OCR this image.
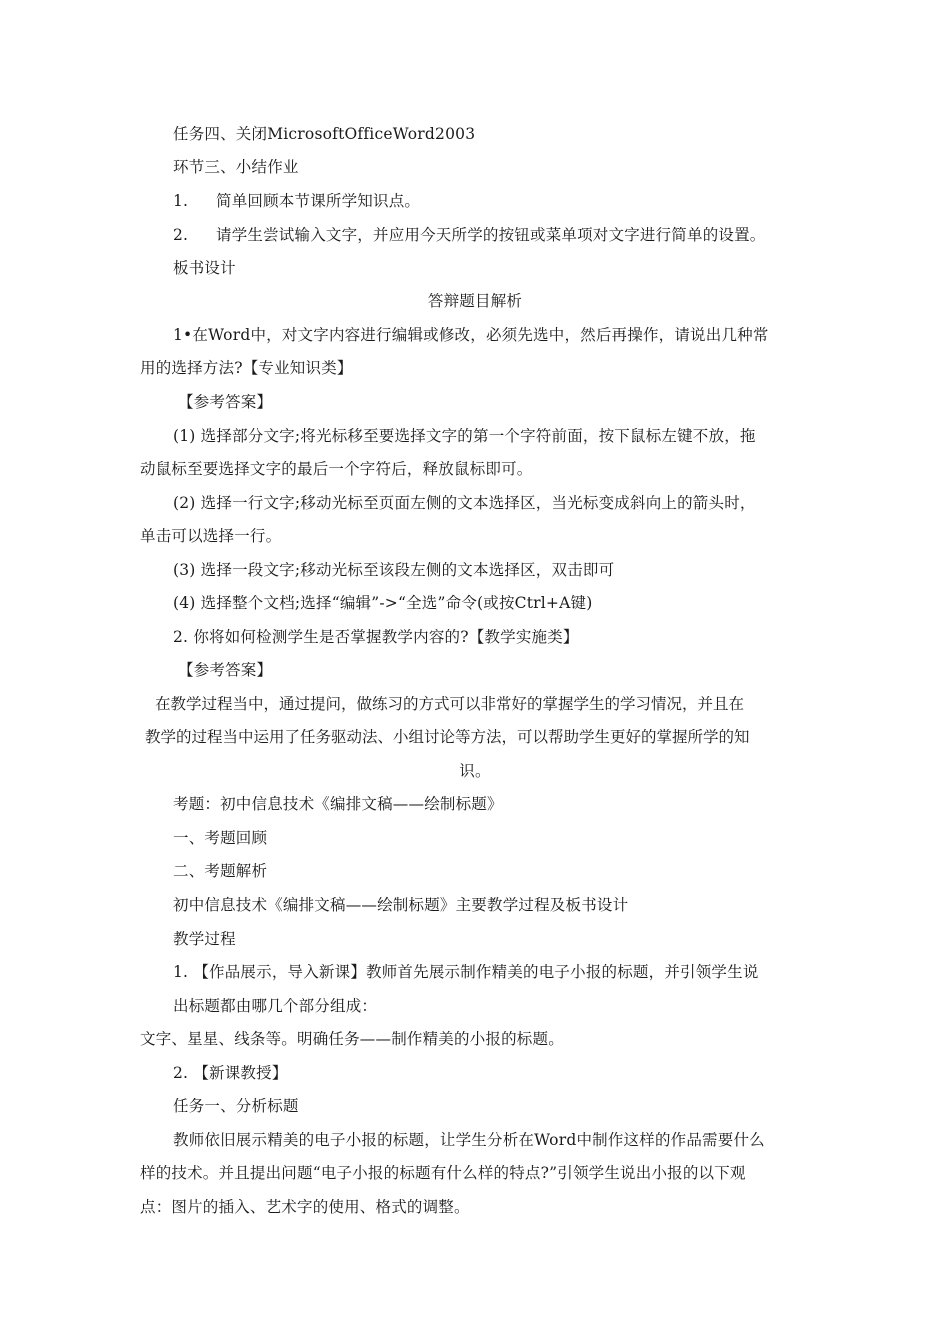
任务四、关闭MicrosoftOfficeWord2003
环节三、小结作业
1. 简单回顾本节课所学知识点。
2. 请学生尝试输入文字，并应用今天所学的按钮或菜单项对文字进行简单的设置。
板书设计
答辩题目解析
1•在Word中，对文字内容进行编辑或修改，必须先选中，然后再操作，请说出几种常
用的选择方法?【专业知识类】
【参考答案】
(1) 选择部分文字;将光标移至要选择文字的第一个字符前面，按下鼠标左键不放，拖
动鼠标至要选择文字的最后一个字符后，释放鼠标即可。
(2) 选择一行文字;移动光标至页面左侧的文本选择区，当光标变成斜向上的箭头时，
单击可以选择一行。
(3) 选择一段文字;移动光标至该段左侧的文本选择区，双击即可
(4) 选择整个文档;选择“编辑”->“全选”命令(或按Ctrl+A键)
2. 你将如何检测学生是否掌握教学内容的?【教学实施类】
【参考答案】
在教学过程当中，通过提问，做练习的方式可以非常好的掌握学生的学习情况，并且在
教学的过程当中运用了任务驱动法、小组讨论等方法，可以帮助学生更好的掌握所学的知
识。
考题：初中信息技术《编排文稿——绘制标题》
一、考题回顾
二、考题解析
初中信息技术《编排文稿——绘制标题》主要教学过程及板书设计
教学过程
1. 【作品展示，导入新课】教师首先展示制作精美的电子小报的标题，并引领学生说
出标题都由哪几个部分组成：
文字、星星、线条等。明确任务——制作精美的小报的标题。
2. 【新课教授】
任务一、分析标题
教师依旧展示精美的电子小报的标题，让学生分析在Word中制作这样的作品需要什么
样的技术。并且提出问题“电子小报的标题有什么样的特点?”引领学生说出小报的以下观
点：图片的插入、艺术字的使用、格式的调整。
